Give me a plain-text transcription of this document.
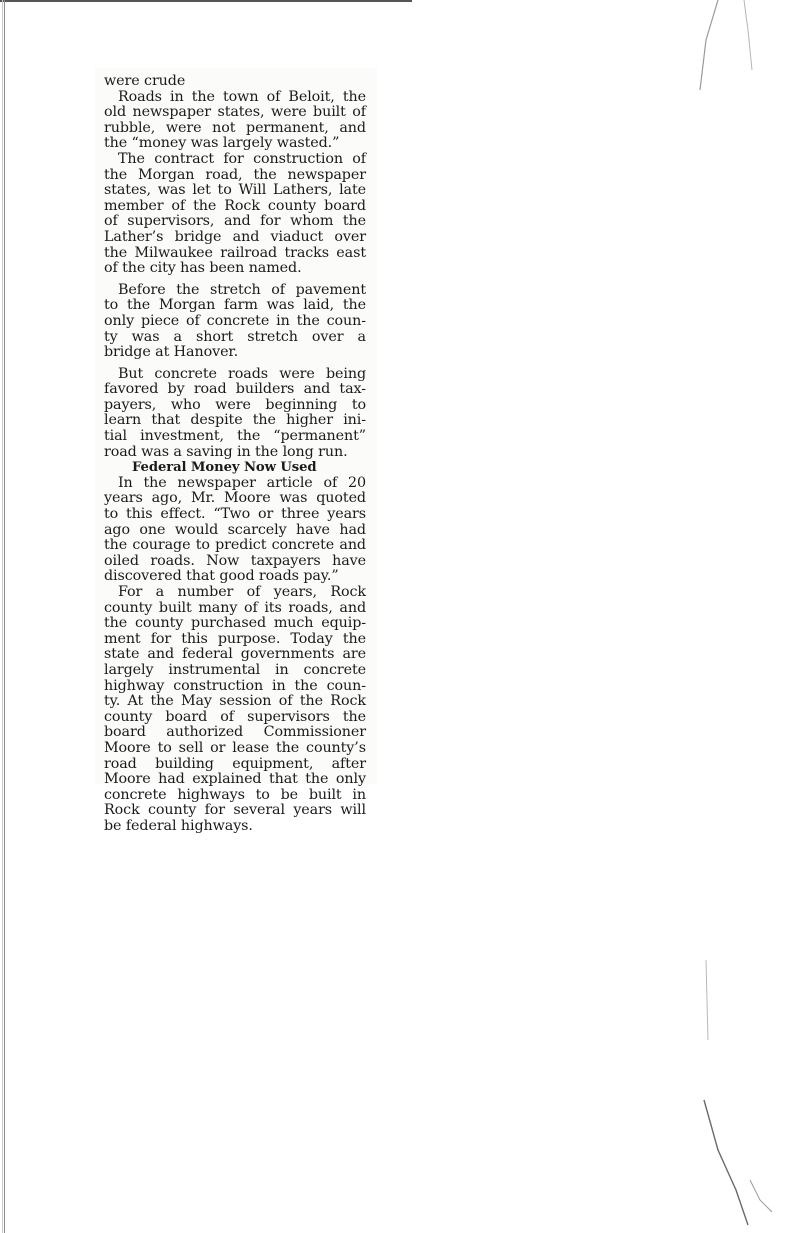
were crude
Roads in the town of Beloit, the
old newspaper states, were built of
rubble, were not permanent, and
the “money was largely wasted.”
The contract for construction of
the Morgan road, the newspaper
states, was let to Will Lathers, late
member of the Rock county board
of supervisors, and for whom the
Lather’s bridge and viaduct over
the Milwaukee railroad tracks east
of the city has been named.
Before the stretch of pavement
to the Morgan farm was laid, the
only piece of concrete in the coun-
ty was a short stretch over a
bridge at Hanover.
But concrete roads were being
favored by road builders and tax-
payers, who were beginning to
learn that despite the higher ini-
tial investment, the “permanent”
road was a saving in the long run.
Federal Money Now Used
In the newspaper article of 20
years ago, Mr. Moore was quoted
to this effect. “Two or three years
ago one would scarcely have had
the courage to predict concrete and
oiled roads. Now taxpayers have
discovered that good roads pay.”
For a number of years, Rock
county built many of its roads, and
the county purchased much equip-
ment for this purpose. Today the
state and federal governments are
largely instrumental in concrete
highway construction in the coun-
ty. At the May session of the Rock
county board of supervisors the
board authorized Commissioner
Moore to sell or lease the county’s
road building equipment, after
Moore had explained that the only
concrete highways to be built in
Rock county for several years will
be federal highways.
